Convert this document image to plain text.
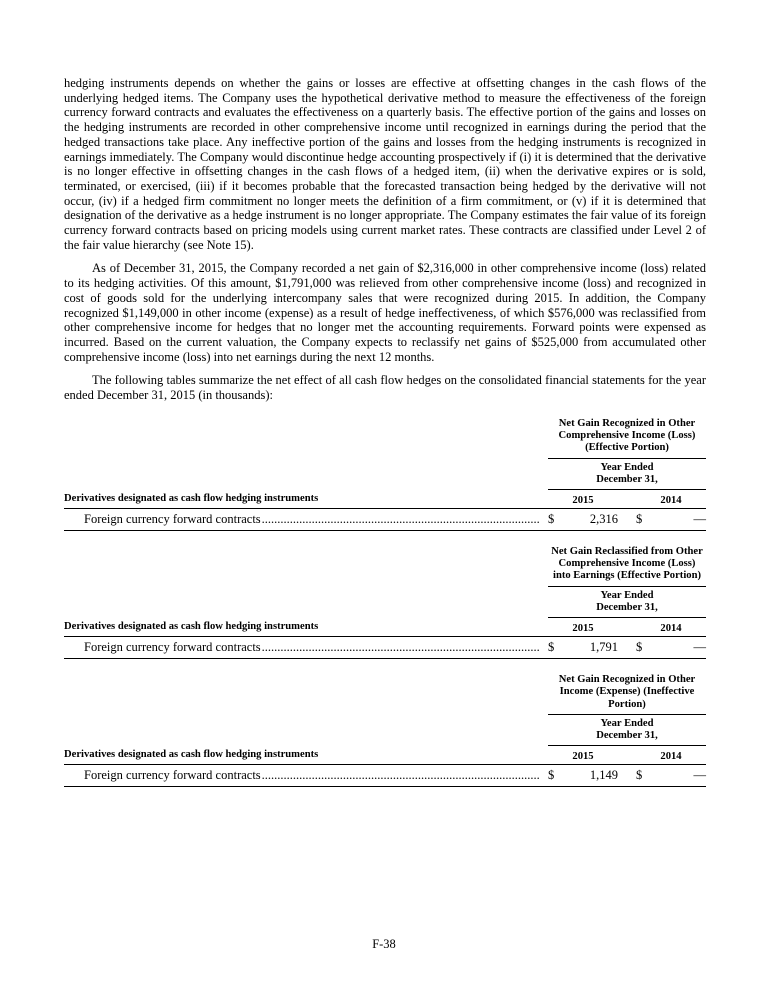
hedging instruments depends on whether the gains or losses are effective at offsetting changes in the cash flows of the underlying hedged items. The Company uses the hypothetical derivative method to measure the effectiveness of the foreign currency forward contracts and evaluates the effectiveness on a quarterly basis. The effective portion of the gains and losses on the hedging instruments are recorded in other comprehensive income until recognized in earnings during the period that the hedged transactions take place. Any ineffective portion of the gains and losses from the hedging instruments is recognized in earnings immediately. The Company would discontinue hedge accounting prospectively if (i) it is determined that the derivative is no longer effective in offsetting changes in the cash flows of a hedged item, (ii) when the derivative expires or is sold, terminated, or exercised, (iii) if it becomes probable that the forecasted transaction being hedged by the derivative will not occur, (iv) if a hedged firm commitment no longer meets the definition of a firm commitment, or (v) if it is determined that designation of the derivative as a hedge instrument is no longer appropriate. The Company estimates the fair value of its foreign currency forward contracts based on pricing models using current market rates. These contracts are classified under Level 2 of the fair value hierarchy (see Note 15).
As of December 31, 2015, the Company recorded a net gain of $2,316,000 in other comprehensive income (loss) related to its hedging activities. Of this amount, $1,791,000 was relieved from other comprehensive income (loss) and recognized in cost of goods sold for the underlying intercompany sales that were recognized during 2015. In addition, the Company recognized $1,149,000 in other income (expense) as a result of hedge ineffectiveness, of which $576,000 was reclassified from other comprehensive income for hedges that no longer met the accounting requirements. Forward points were expensed as incurred. Based on the current valuation, the Company expects to reclassify net gains of $525,000 from accumulated other comprehensive income (loss) into net earnings during the next 12 months.
The following tables summarize the net effect of all cash flow hedges on the consolidated financial statements for the year ended December 31, 2015 (in thousands):
Net Gain Recognized in Other Comprehensive Income (Loss) (Effective Portion)
Year Ended December 31,
Derivatives designated as cash flow hedging instruments	2015	2014
Foreign currency forward contracts .....	$	2,316 $	—
Net Gain Reclassified from Other Comprehensive Income (Loss) into Earnings (Effective Portion)
Year Ended December 31,
Derivatives designated as cash flow hedging instruments	2015	2014
Foreign currency forward contracts .....	$	1,791 $	—
Net Gain Recognized in Other Income (Expense) (Ineffective Portion)
Year Ended December 31,
Derivatives designated as cash flow hedging instruments	2015	2014
Foreign currency forward contracts .....	$	1,149 $	—
F-38
